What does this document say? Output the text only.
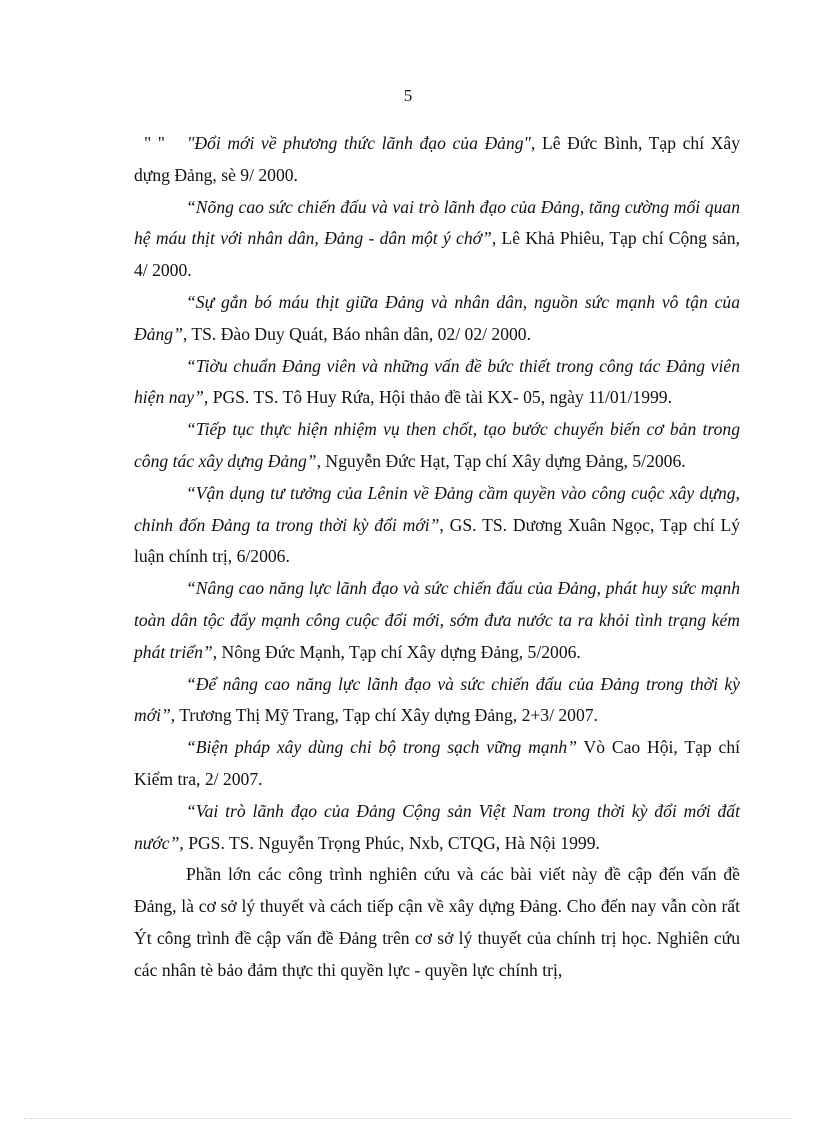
5

" " "Đổi mới về phương thức lãnh đạo của Đảng", Lê Đức Bình, Tạp chí Xây dựng Đảng, sè 9/ 2000.

“Nõng cao sức chiến đấu và vai trò lãnh đạo của Đảng, tăng cường mối quan hệ máu thịt với nhân dân, Đảng - dân một ý chớ”, Lê Khả Phiêu, Tạp chí Cộng sản, 4/ 2000.

“Sự gắn bó máu thịt giữa Đảng và nhân dân, nguồn sức mạnh vô tận của Đảng”, TS. Đào Duy Quát, Báo nhân dân, 02/ 02/ 2000.

“Tiờu chuẩn Đảng viên và những vấn đề bức thiết trong công tác Đảng viên hiện nay”, PGS. TS. Tô Huy Rứa, Hội thảo đề tài KX- 05, ngày 11/01/1999.

“Tiếp tục thực hiện nhiệm vụ then chốt, tạo bước chuyển biến cơ bản trong công tác xây dựng Đảng”, Nguyễn Đức Hạt, Tạp chí Xây dựng Đảng, 5/2006.

“Vận dụng tư tưởng của Lênin về Đảng cầm quyền vào công cuộc xây dựng, chỉnh đốn Đảng ta trong thời kỳ đổi mới”, GS. TS. Dương Xuân Ngọc, Tạp chí Lý luận chính trị, 6/2006.

“Nâng cao năng lực lãnh đạo và sức chiến đấu của Đảng, phát huy sức mạnh toàn dân tộc đẩy mạnh công cuộc đổi mới, sớm đưa nước ta ra khỏi tình trạng kém phát triển”, Nông Đức Mạnh, Tạp chí Xây dựng Đảng, 5/2006.

“Để nâng cao năng lực lãnh đạo và sức chiến đấu của Đảng trong thời kỳ mới”, Trương Thị Mỹ Trang, Tạp chí Xây dựng Đảng, 2+3/ 2007.

“Biện pháp xây dùng chi bộ trong sạch vững mạnh” Vò Cao Hội, Tạp chí Kiểm tra, 2/ 2007.

“Vai trò lãnh đạo của Đảng Cộng sản Việt Nam trong thời kỳ đổi mới đất nước”, PGS. TS. Nguyễn Trọng Phúc, Nxb, CTQG, Hà Nội 1999.

Phần lớn các công trình nghiên cứu và các bài viết này đề cập đến vấn đề Đảng, là cơ sở lý thuyết và cách tiếp cận về xây dựng Đảng. Cho đến nay vẫn còn rất Ýt công trình đề cập vấn đề Đảng trên cơ sở lý thuyết của chính trị học. Nghiên cứu các nhân tè bảo đảm thực thi quyền lực - quyền lực chính trị,
